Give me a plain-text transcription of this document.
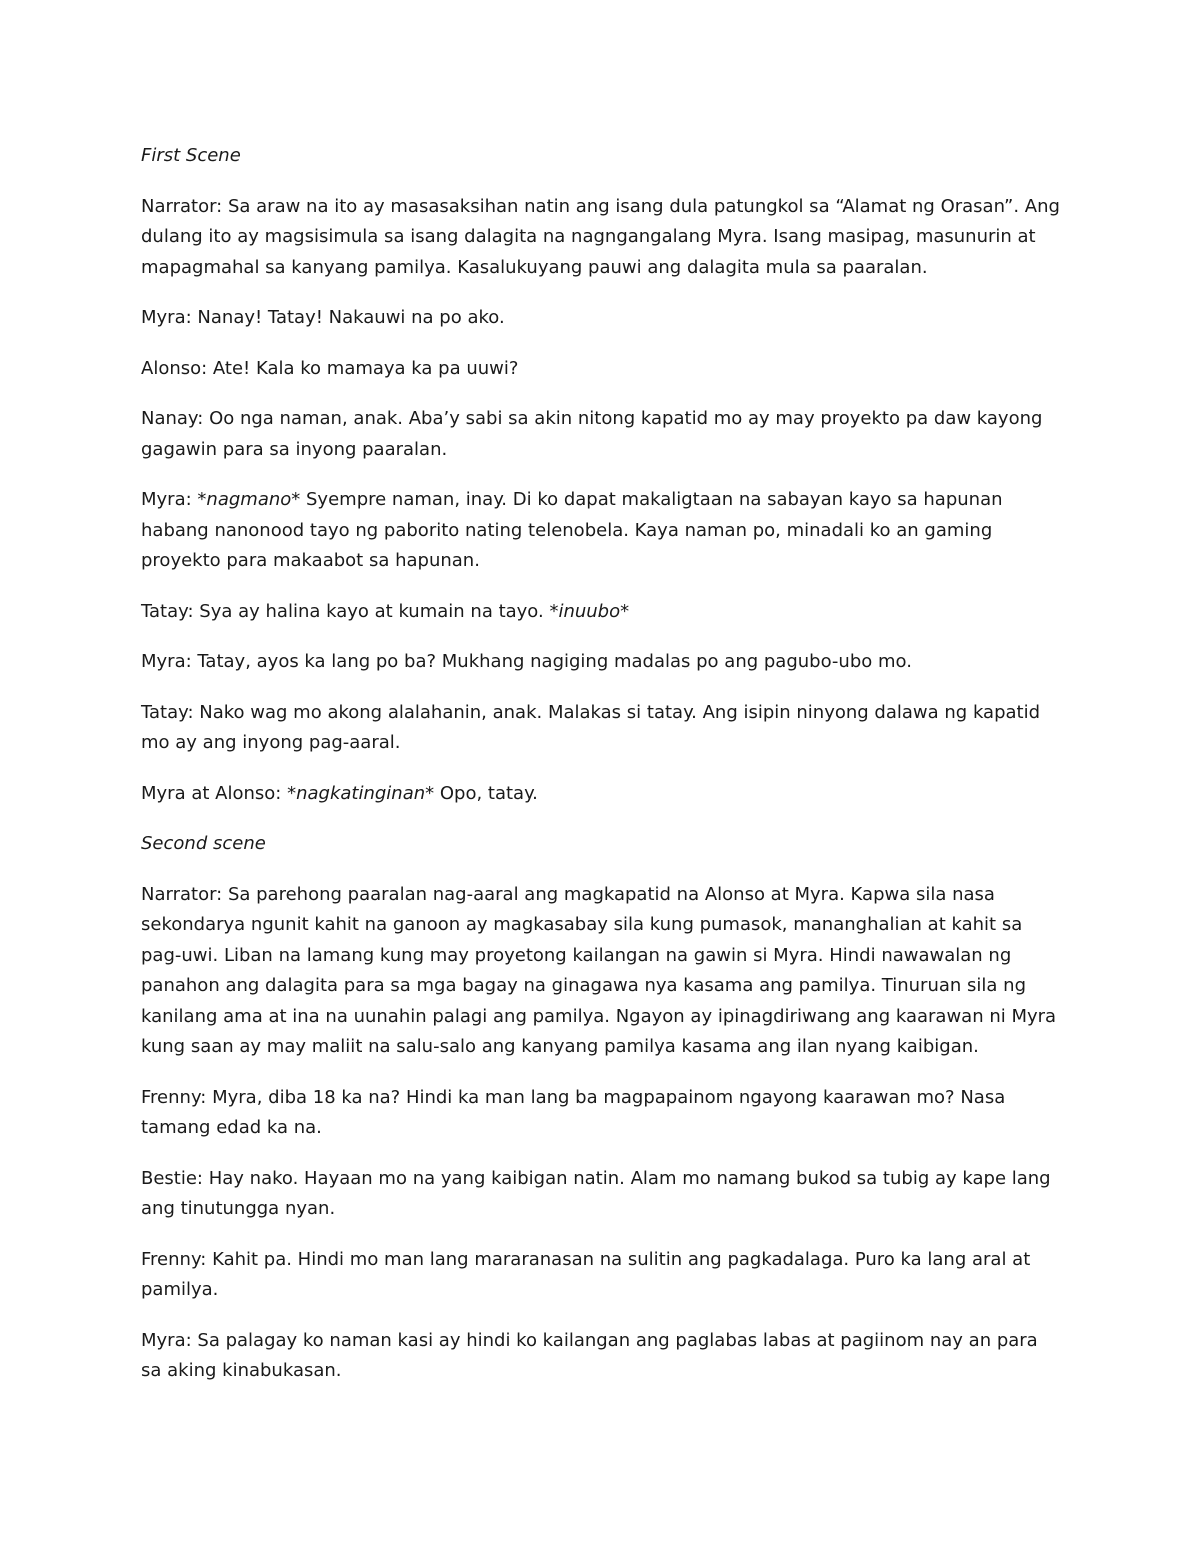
First Scene

Narrator: Sa araw na ito ay masasaksihan natin ang isang dula patungkol sa “Alamat ng Orasan”. Ang dulang ito ay magsisimula sa isang dalagita na nagngangalang Myra. Isang masipag, masunurin at mapagmahal sa kanyang pamilya. Kasalukuyang pauwi ang dalagita mula sa paaralan.

Myra: Nanay! Tatay! Nakauwi na po ako.

Alonso: Ate! Kala ko mamaya ka pa uuwi?

Nanay: Oo nga naman, anak. Aba’y sabi sa akin nitong kapatid mo ay may proyekto pa daw kayong gagawin para sa inyong paaralan.

Myra: *nagmano* Syempre naman, inay. Di ko dapat makaligtaan na sabayan kayo sa hapunan habang nanonood tayo ng paborito nating telenobela. Kaya naman po, minadali ko an gaming proyekto para makaabot sa hapunan.

Tatay: Sya ay halina kayo at kumain na tayo. *inuubo*

Myra: Tatay, ayos ka lang po ba? Mukhang nagiging madalas po ang pagubo-ubo mo.

Tatay: Nako wag mo akong alalahanin, anak. Malakas si tatay. Ang isipin ninyong dalawa ng kapatid mo ay ang inyong pag-aaral.

Myra at Alonso: *nagkatinginan* Opo, tatay.

Second scene

Narrator: Sa parehong paaralan nag-aaral ang magkapatid na Alonso at Myra. Kapwa sila nasa sekondarya ngunit kahit na ganoon ay magkasabay sila kung pumasok, mananghalian at kahit sa pag-uwi. Liban na lamang kung may proyetong kailangan na gawin si Myra. Hindi nawawalan ng panahon ang dalagita para sa mga bagay na ginagawa nya kasama ang pamilya. Tinuruan sila ng kanilang ama at ina na uunahin palagi ang pamilya. Ngayon ay ipinagdiriwang ang kaarawan ni Myra kung saan ay may maliit na salu-salo ang kanyang pamilya kasama ang ilan nyang kaibigan.

Frenny: Myra, diba 18 ka na? Hindi ka man lang ba magpapainom ngayong kaarawan mo? Nasa tamang edad ka na.

Bestie: Hay nako. Hayaan mo na yang kaibigan natin. Alam mo namang bukod sa tubig ay kape lang ang tinutungga nyan.

Frenny: Kahit pa. Hindi mo man lang mararanasan na sulitin ang pagkadalaga. Puro ka lang aral at pamilya.

Myra: Sa palagay ko naman kasi ay hindi ko kailangan ang paglabas labas at pagiinom nay an para sa aking kinabukasan.
